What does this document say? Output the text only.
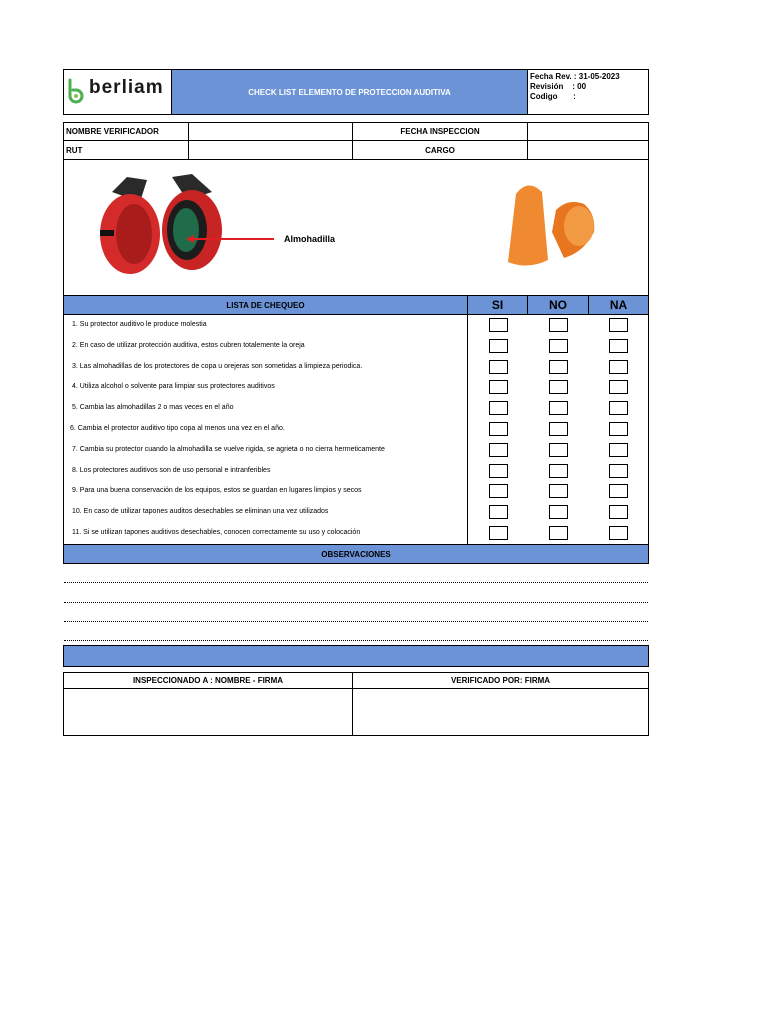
berliam	CHECK LIST ELEMENTO DE PROTECCION AUDITIVA
Fecha Rev. : 31-05-2023
Revisión    : 00
Codigo       :
NOMBRE VERIFICADOR	FECHA INSPECCION
RUT	CARGO
Almohadilla
LISTA DE CHEQUEO	SI	NO	NA
1. Su protector auditivo le produce molestia
2. En caso de utilizar protección auditiva, estos cubren totalemente la oreja
3. Las almohadillas de los protectores de copa u orejeras son sometidas a limpieza periodica.
4. Utiliza alcohol o solvente para limpiar sus protectores auditivos
5. Cambia las almohadillas 2 o mas veces en el año
6. Cambia el protector auditivo tipo copa al menos una vez en el año.
7. Cambia su protector cuando la almohadilla se vuelve rigida, se agrieta o no cierra hermeticamente
8. Los protectores auditivos son de uso personal e intranferibles
9. Para una buena conservación de los equipos, estos se guardan en lugares limpios y secos
10. En caso de utilizar tapones auditos desechables se eliminan una vez utilizados
11. Si se utilizan tapones auditivos desechables, conocen correctamente su uso y colocación
OBSERVACIONES
INSPECCIONADO A : NOMBRE - FIRMA	VERIFICADO POR: FIRMA
